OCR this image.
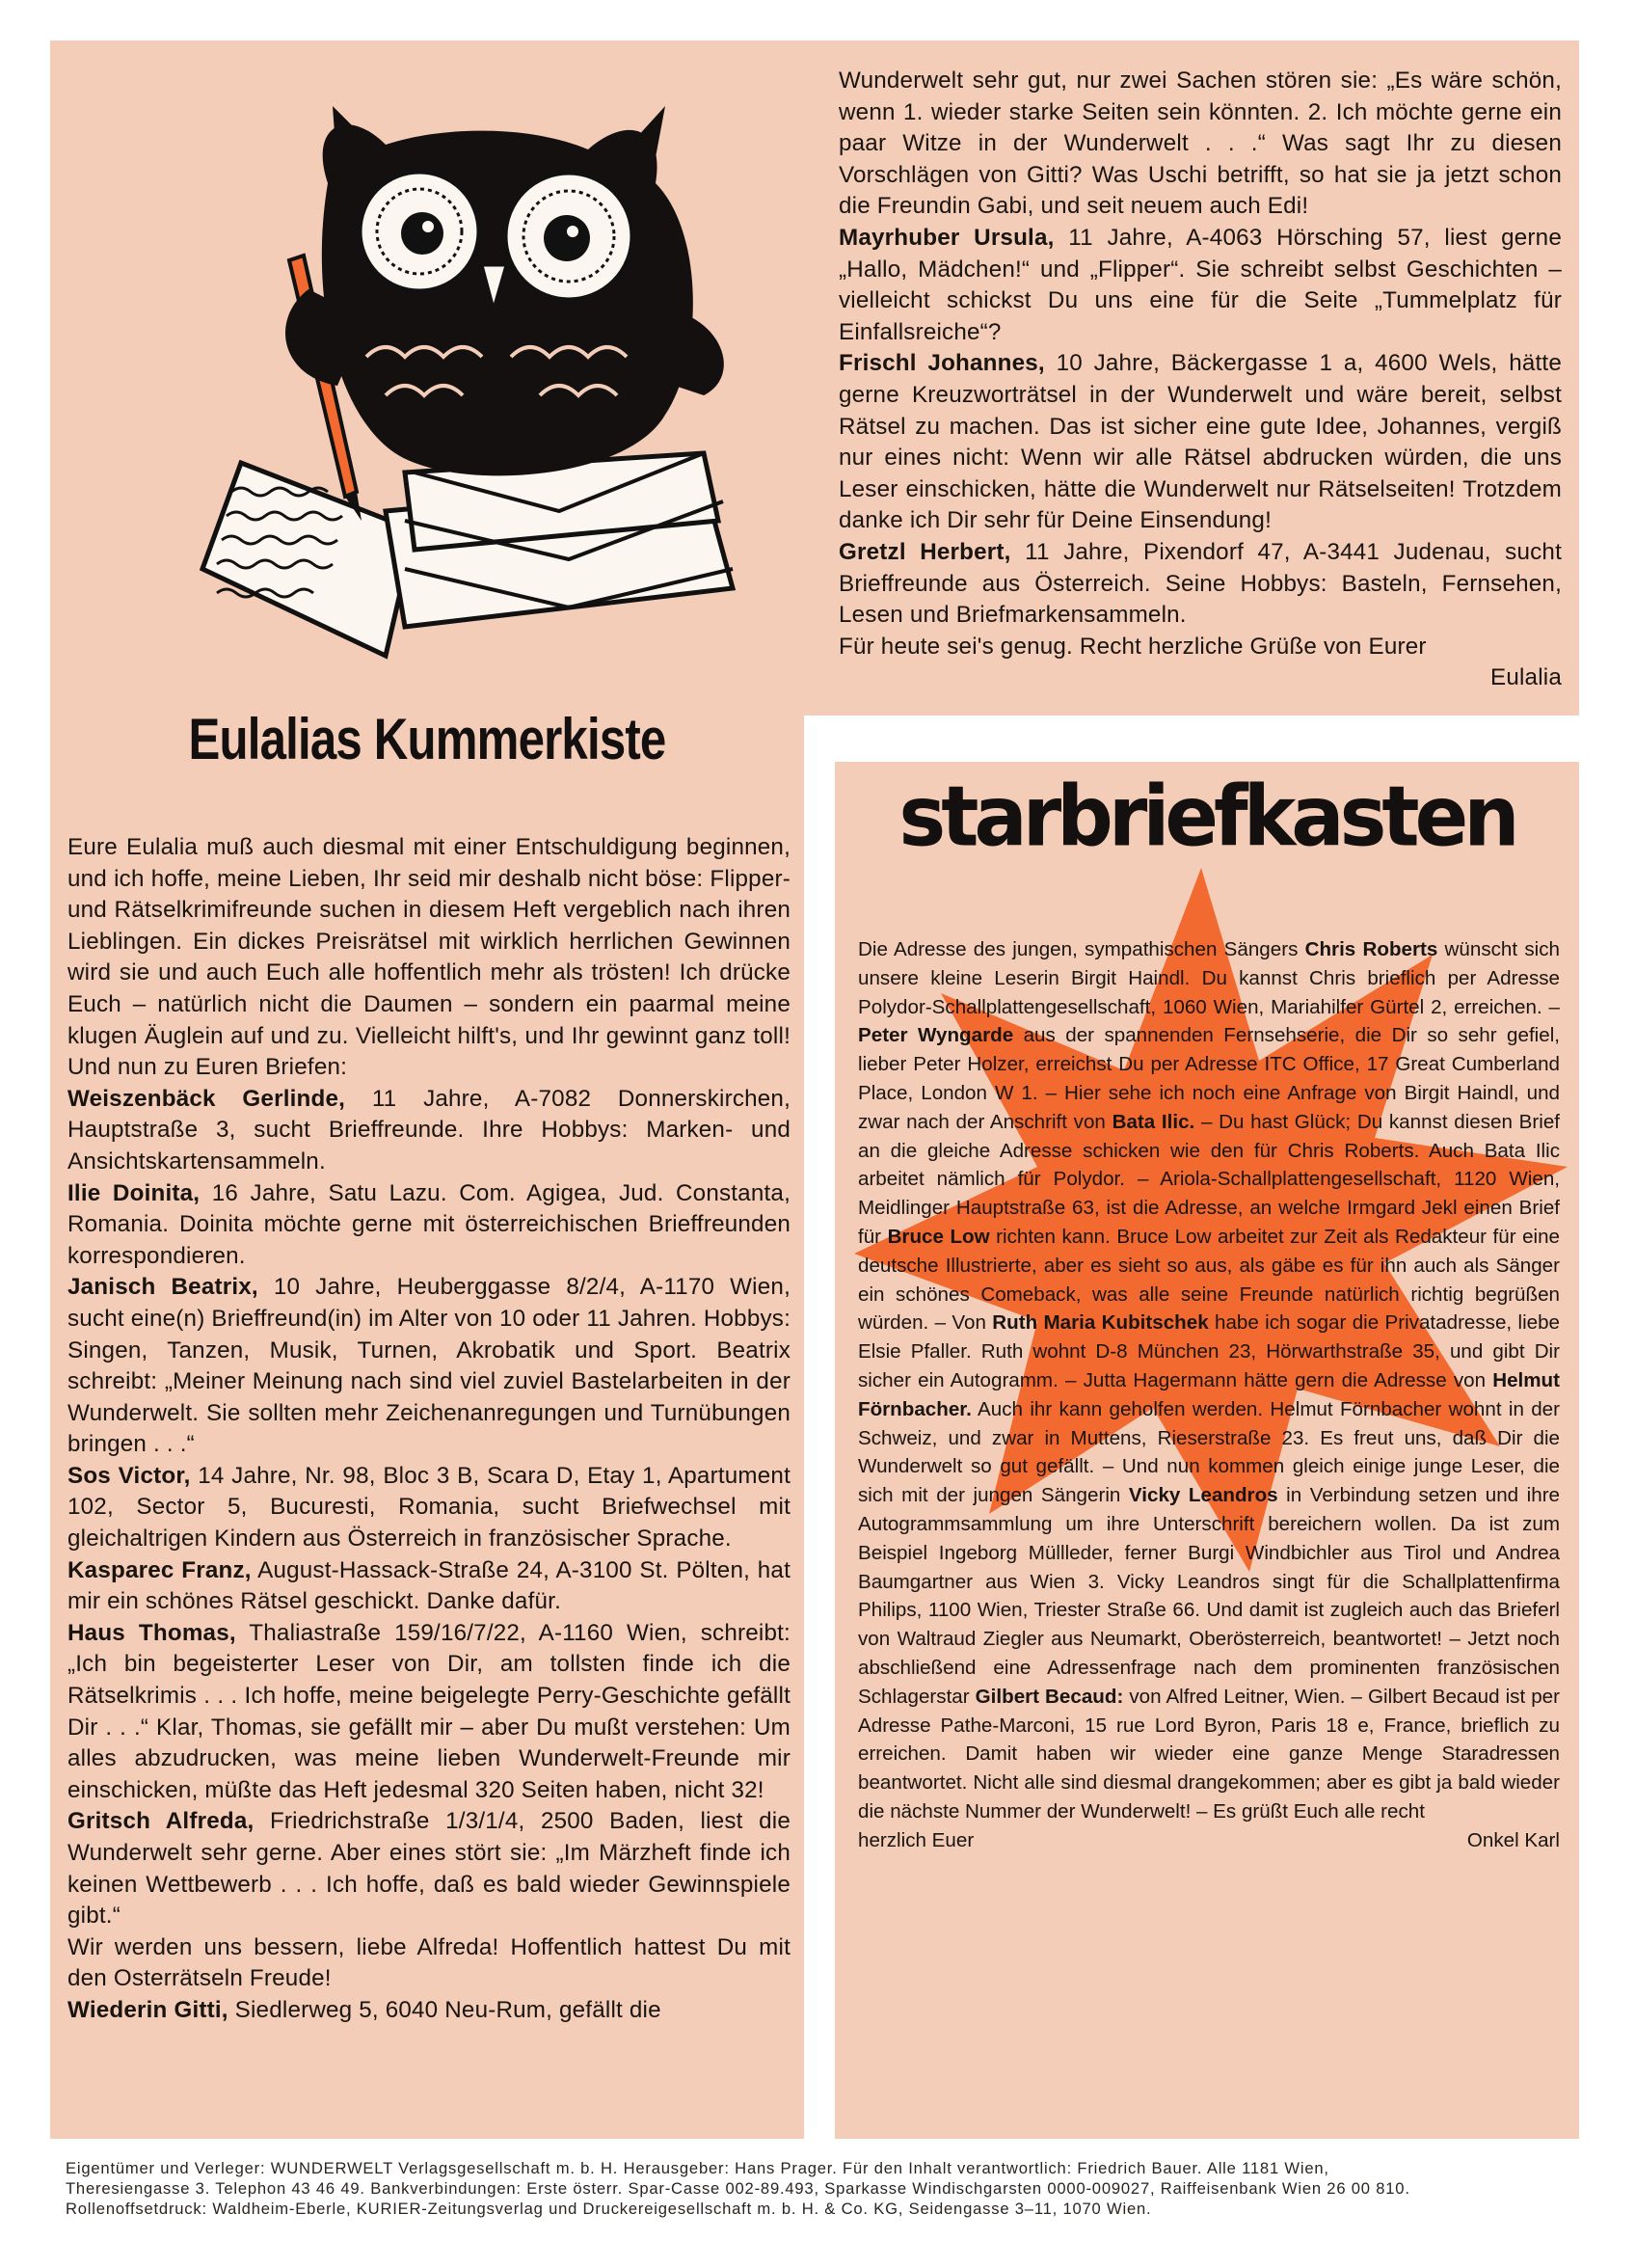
Eulalias Kummerkiste

Eure Eulalia muß auch diesmal mit einer Entschuldigung beginnen, und ich hoffe, meine Lieben, Ihr seid mir deshalb nicht böse: Flipper- und Rätselkrimifreunde suchen in diesem Heft vergeblich nach ihren Lieblingen. Ein dickes Preisrätsel mit wirklich herrlichen Gewinnen wird sie und auch Euch alle hoffentlich mehr als trösten! Ich drücke Euch – natürlich nicht die Daumen – sondern ein paarmal meine klugen Äuglein auf und zu. Vielleicht hilft's, und Ihr gewinnt ganz toll! Und nun zu Euren Briefen:

Weiszenbäck Gerlinde, 11 Jahre, A-7082 Donnerskirchen, Hauptstraße 3, sucht Brieffreunde. Ihre Hobbys: Marken- und Ansichtskartensammeln.

Ilie Doinita, 16 Jahre, Satu Lazu. Com. Agigea, Jud. Constanta, Romania. Doinita möchte gerne mit österreichischen Brieffreunden korrespondieren.

Janisch Beatrix, 10 Jahre, Heuberggasse 8/2/4, A-1170 Wien, sucht eine(n) Brieffreund(in) im Alter von 10 oder 11 Jahren. Hobbys: Singen, Tanzen, Musik, Turnen, Akrobatik und Sport. Beatrix schreibt: „Meiner Meinung nach sind viel zuviel Bastelarbeiten in der Wunderwelt. Sie sollten mehr Zeichenanregungen und Turnübungen bringen . . .“

Sos Victor, 14 Jahre, Nr. 98, Bloc 3 B, Scara D, Etay 1, Apartument 102, Sector 5, Bucuresti, Romania, sucht Briefwechsel mit gleichaltrigen Kindern aus Österreich in französischer Sprache.

Kasparec Franz, August-Hassack-Straße 24, A-3100 St. Pölten, hat mir ein schönes Rätsel geschickt. Danke dafür.

Haus Thomas, Thaliastraße 159/16/7/22, A-1160 Wien, schreibt: „Ich bin begeisterter Leser von Dir, am tollsten finde ich die Rätselkrimis . . . Ich hoffe, meine beigelegte Perry-Geschichte gefällt Dir . . .“ Klar, Thomas, sie gefällt mir – aber Du mußt verstehen: Um alles abzudrucken, was meine lieben Wunderwelt-Freunde mir einschicken, müßte das Heft jedesmal 320 Seiten haben, nicht 32!

Gritsch Alfreda, Friedrichstraße 1/3/1/4, 2500 Baden, liest die Wunderwelt sehr gerne. Aber eines stört sie: „Im Märzheft finde ich keinen Wettbewerb . . . Ich hoffe, daß es bald wieder Gewinnspiele gibt.“

Wir werden uns bessern, liebe Alfreda! Hoffentlich hattest Du mit den Osterrätseln Freude!

Wiederin Gitti, Siedlerweg 5, 6040 Neu-Rum, gefällt die

Wunderwelt sehr gut, nur zwei Sachen stören sie: „Es wäre schön, wenn 1. wieder starke Seiten sein könnten. 2. Ich möchte gerne ein paar Witze in der Wunderwelt . . .“ Was sagt Ihr zu diesen Vorschlägen von Gitti? Was Uschi betrifft, so hat sie ja jetzt schon die Freundin Gabi, und seit neuem auch Edi!

Mayrhuber Ursula, 11 Jahre, A-4063 Hörsching 57, liest gerne „Hallo, Mädchen!“ und „Flipper“. Sie schreibt selbst Geschichten – vielleicht schickst Du uns eine für die Seite „Tummelplatz für Einfallsreiche“?

Frischl Johannes, 10 Jahre, Bäckergasse 1 a, 4600 Wels, hätte gerne Kreuzworträtsel in der Wunderwelt und wäre bereit, selbst Rätsel zu machen. Das ist sicher eine gute Idee, Johannes, vergiß nur eines nicht: Wenn wir alle Rätsel abdrucken würden, die uns Leser einschicken, hätte die Wunderwelt nur Rätselseiten! Trotzdem danke ich Dir sehr für Deine Einsendung!

Gretzl Herbert, 11 Jahre, Pixendorf 47, A-3441 Judenau, sucht Brieffreunde aus Österreich. Seine Hobbys: Basteln, Fernsehen, Lesen und Briefmarkensammeln.

Für heute sei's genug. Recht herzliche Grüße von Eurer

Eulalia

starbriefkasten

Die Adresse des jungen, sympathischen Sängers Chris Roberts wünscht sich unsere kleine Leserin Birgit Haindl. Du kannst Chris brieflich per Adresse Polydor-Schallplattengesellschaft, 1060 Wien, Mariahilfer Gürtel 2, erreichen. – Peter Wyngarde aus der spannenden Fernsehserie, die Dir so sehr gefiel, lieber Peter Holzer, erreichst Du per Adresse ITC Office, 17 Great Cumberland Place, London W 1. – Hier sehe ich noch eine Anfrage von Birgit Haindl, und zwar nach der Anschrift von Bata Ilic. – Du hast Glück; Du kannst diesen Brief an die gleiche Adresse schicken wie den für Chris Roberts. Auch Bata Ilic arbeitet nämlich für Polydor. – Ariola-Schallplattengesellschaft, 1120 Wien, Meidlinger Hauptstraße 63, ist die Adresse, an welche Irmgard Jekl einen Brief für Bruce Low richten kann. Bruce Low arbeitet zur Zeit als Redakteur für eine deutsche Illustrierte, aber es sieht so aus, als gäbe es für ihn auch als Sänger ein schönes Comeback, was alle seine Freunde natürlich richtig begrüßen würden. – Von Ruth Maria Kubitschek habe ich sogar die Privatadresse, liebe Elsie Pfaller. Ruth wohnt D-8 München 23, Hörwarthstraße 35, und gibt Dir sicher ein Autogramm. – Jutta Hagermann hätte gern die Adresse von Helmut Förnbacher. Auch ihr kann geholfen werden. Helmut Förnbacher wohnt in der Schweiz, und zwar in Muttens, Rieserstraße 23. Es freut uns, daß Dir die Wunderwelt so gut gefällt. – Und nun kommen gleich einige junge Leser, die sich mit der jungen Sängerin Vicky Leandros in Verbindung setzen und ihre Autogrammsammlung um ihre Unterschrift bereichern wollen. Da ist zum Beispiel Ingeborg Müllleder, ferner Burgi Windbichler aus Tirol und Andrea Baumgartner aus Wien 3. Vicky Leandros singt für die Schallplattenfirma Philips, 1100 Wien, Triester Straße 66. Und damit ist zugleich auch das Brieferl von Waltraud Ziegler aus Neumarkt, Oberösterreich, beantwortet! – Jetzt noch abschließend eine Adressenfrage nach dem prominenten französischen Schlagerstar Gilbert Becaud: von Alfred Leitner, Wien. – Gilbert Becaud ist per Adresse Pathe-Marconi, 15 rue Lord Byron, Paris 18 e, France, brieflich zu erreichen. Damit haben wir wieder eine ganze Menge Staradressen beantwortet. Nicht alle sind diesmal drangekommen; aber es gibt ja bald wieder die nächste Nummer der Wunderwelt! – Es grüßt Euch alle recht

herzlich Euer	Onkel Karl

Eigentümer und Verleger: WUNDERWELT Verlagsgesellschaft m. b. H. Herausgeber: Hans Prager. Für den Inhalt verantwortlich: Friedrich Bauer. Alle 1181 Wien,

Theresiengasse 3. Telephon 43 46 49. Bankverbindungen: Erste österr. Spar-Casse 002-89.493, Sparkasse Windischgarsten 0000-009027, Raiffeisenbank Wien 26 00 810.

Rollenoffsetdruck: Waldheim-Eberle, KURIER-Zeitungsverlag und Druckereigesellschaft m. b. H. & Co. KG, Seidengasse 3–11, 1070 Wien.
